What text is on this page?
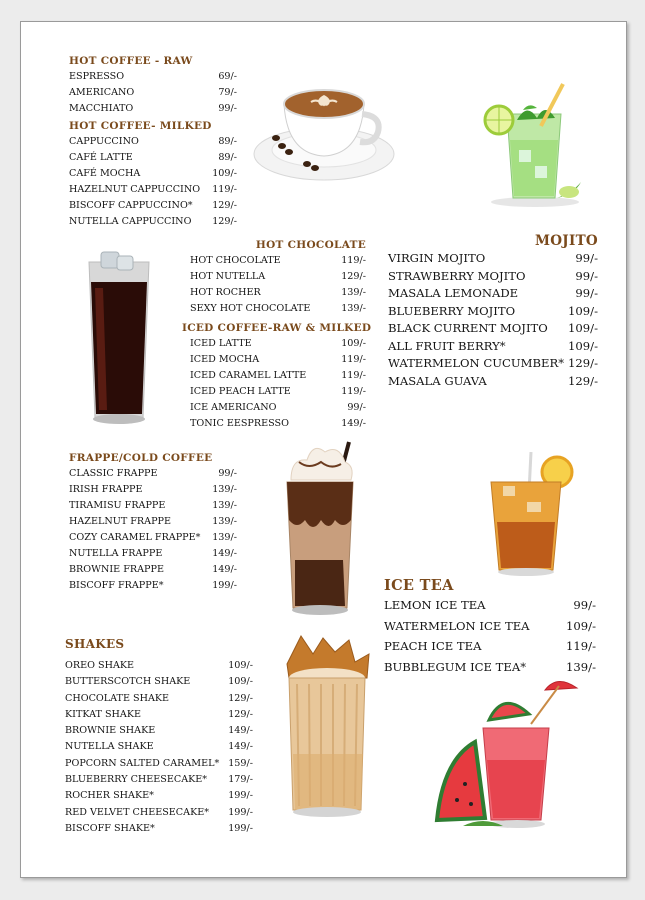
HOT COFFEE - RAW
ESPRESSO	69/-
AMERICANO	79/-
MACCHIATO	99/-
HOT COFFEE- MILKED
CAPPUCCINO	89/-
CAFÉ LATTE	89/-
CAFÉ MOCHA	109/-
HAZELNUT CAPPUCCINO 119/-
BISCOFF CAPPUCCINO* 129/-
NUTELLA CAPPUCCINO 129/-
HOT CHOCOLATE
HOT CHOCOLATE	119/-
HOT NUTELLA	129/-
HOT ROCHER	139/-
SEXY HOT CHOCOLATE	139/-
ICED COFFEE-RAW & MILKED
ICED LATTE	109/-
ICED MOCHA	119/-
ICED CARAMEL LATTE	119/-
ICED PEACH LATTE	119/-
ICE AMERICANO	99/-
TONIC EESPRESSO	149/-
MOJITO
VIRGIN MOJITO	99/-
STRAWBERRY MOJITO	99/-
MASALA LEMONADE	99/-
BLUEBERRY MOJITO	109/-
BLACK CURRENT MOJITO 109/-
ALL FRUIT BERRY*	109/-
WATERMELON CUCUMBER* 129/-
MASALA GUAVA	129/-
FRAPPE/COLD COFFEE
CLASSIC FRAPPE	99/-
IRISH FRAPPE	139/-
TIRAMISU FRAPPE	139/-
HAZELNUT FRAPPE	139/-
COZY CARAMEL FRAPPE* 139/-
NUTELLA FRAPPE	149/-
BROWNIE FRAPPE	149/-
BISCOFF FRAPPE*	199/-	ICE TEA
LEMON ICE TEA	99/-
WATERMELON ICE TEA	109/-
PEACH ICE TEA	119/-
BUBBLEGUM ICE TEA*	139/-
SHAKES
OREO SHAKE	109/-
BUTTERSCOTCH SHAKE	109/-
CHOCOLATE SHAKE	129/-
KITKAT SHAKE	129/-
BROWNIE SHAKE	149/-
NUTELLA SHAKE	149/-
POPCORN SALTED CARAMEL* 159/-
BLUEBERRY CHEESECAKE* 179/-
ROCHER SHAKE*	199/-
RED VELVET CHEESECAKE* 199/-
BISCOFF SHAKE*	199/-
